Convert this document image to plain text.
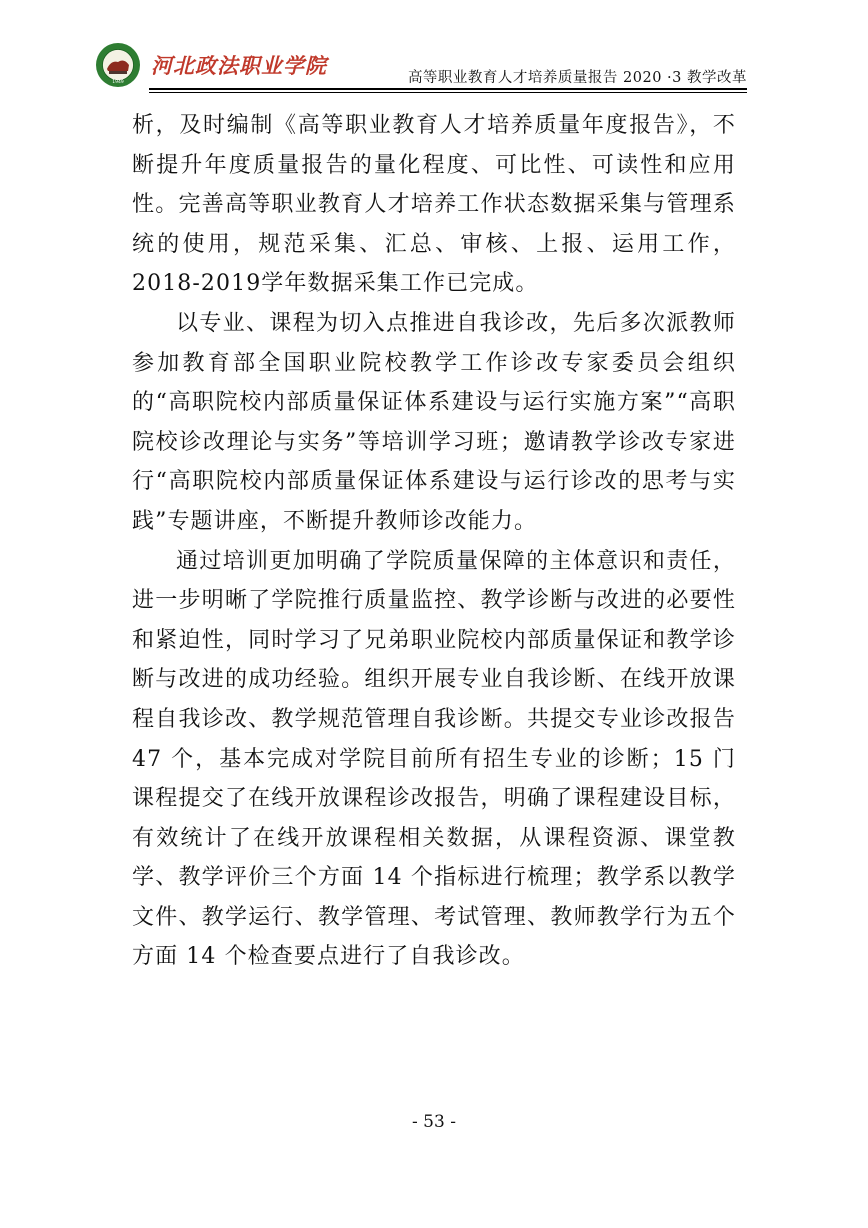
1949
河北政法职业学院	高等职业教育人才培养质量报告 2020 ·3 教学改革

析，及时编制《高等职业教育人才培养质量年度报告》，不断提升年度质量报告的量化程度、可比性、可读性和应用性。完善高等职业教育人才培养工作状态数据采集与管理系统的使用，规范采集、汇总、审核、上报、运用工作，2018-2019学年数据采集工作已完成。

以专业、课程为切入点推进自我诊改，先后多次派教师参加教育部全国职业院校教学工作诊改专家委员会组织的“高职院校内部质量保证体系建设与运行实施方案”“高职院校诊改理论与实务”等培训学习班；邀请教学诊改专家进行“高职院校内部质量保证体系建设与运行诊改的思考与实践”专题讲座，不断提升教师诊改能力。

通过培训更加明确了学院质量保障的主体意识和责任，进一步明晰了学院推行质量监控、教学诊断与改进的必要性和紧迫性，同时学习了兄弟职业院校内部质量保证和教学诊断与改进的成功经验。组织开展专业自我诊断、在线开放课程自我诊改、教学规范管理自我诊断。共提交专业诊改报告 47 个，基本完成对学院目前所有招生专业的诊断；15 门课程提交了在线开放课程诊改报告，明确了课程建设目标，有效统计了在线开放课程相关数据，从课程资源、课堂教学、教学评价三个方面 14 个指标进行梳理；教学系以教学文件、教学运行、教学管理、考试管理、教师教学行为五个方面 14 个检查要点进行了自我诊改。

- 53 -
